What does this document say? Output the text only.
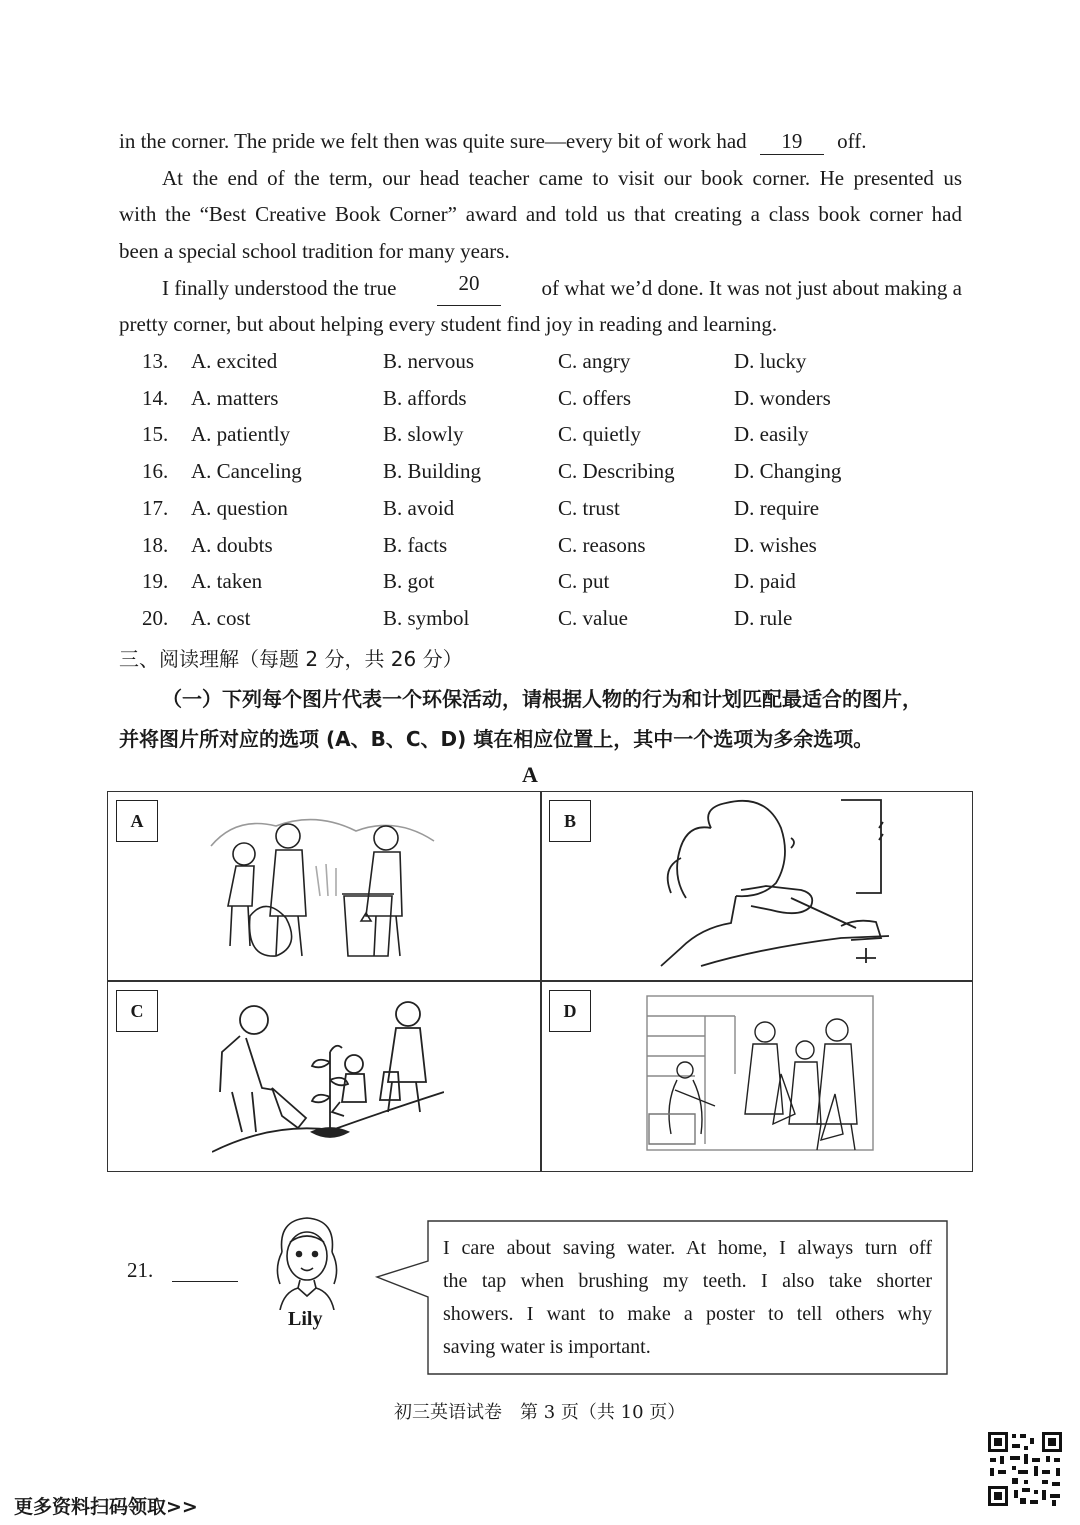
in the corner. The pride we felt then was quite sure—every bit of work had 19 off.
At the end of the term, our head teacher came to visit our book corner. He presented us
with the “Best Creative Book Corner” award and told us that creating a class book corner had
been a special school tradition for many years.
I finally understood the true	20	of what we’d done. It was not just about making a
pretty corner, but about helping every student find joy in reading and learning.
13. A. excited	B. nervous	C. angry	D. lucky
14. A. matters	B. affords	C. offers	D. wonders
15. A. patiently	B. slowly	C. quietly	D. easily
16. A. Canceling	B. Building	C. Describing	D. Changing
17. A. question	B. avoid	C. trust	D. require
18. A. doubts	B. facts	C. reasons	D. wishes
19. A. taken	B. got	C. put	D. paid
20. A. cost	B. symbol	C. value	D. rule
三、阅读理解（每题 2 分，共 26 分）
（一）下列每个图片代表一个环保活动，请根据人物的行为和计划匹配最适合的图片，
并将图片所对应的选项 (A、B、C、D) 填在相应位置上，其中一个选项为多余选项。
A
A	B
C	D
21.
Lily
I care about saving water. At home, I always turn off
the tap when brushing my teeth. I also take shorter
showers. I want to make a poster to tell others why
saving water is important.
初三英语试卷　第 3 页（共 10 页）
更多资料扫码领取>>
